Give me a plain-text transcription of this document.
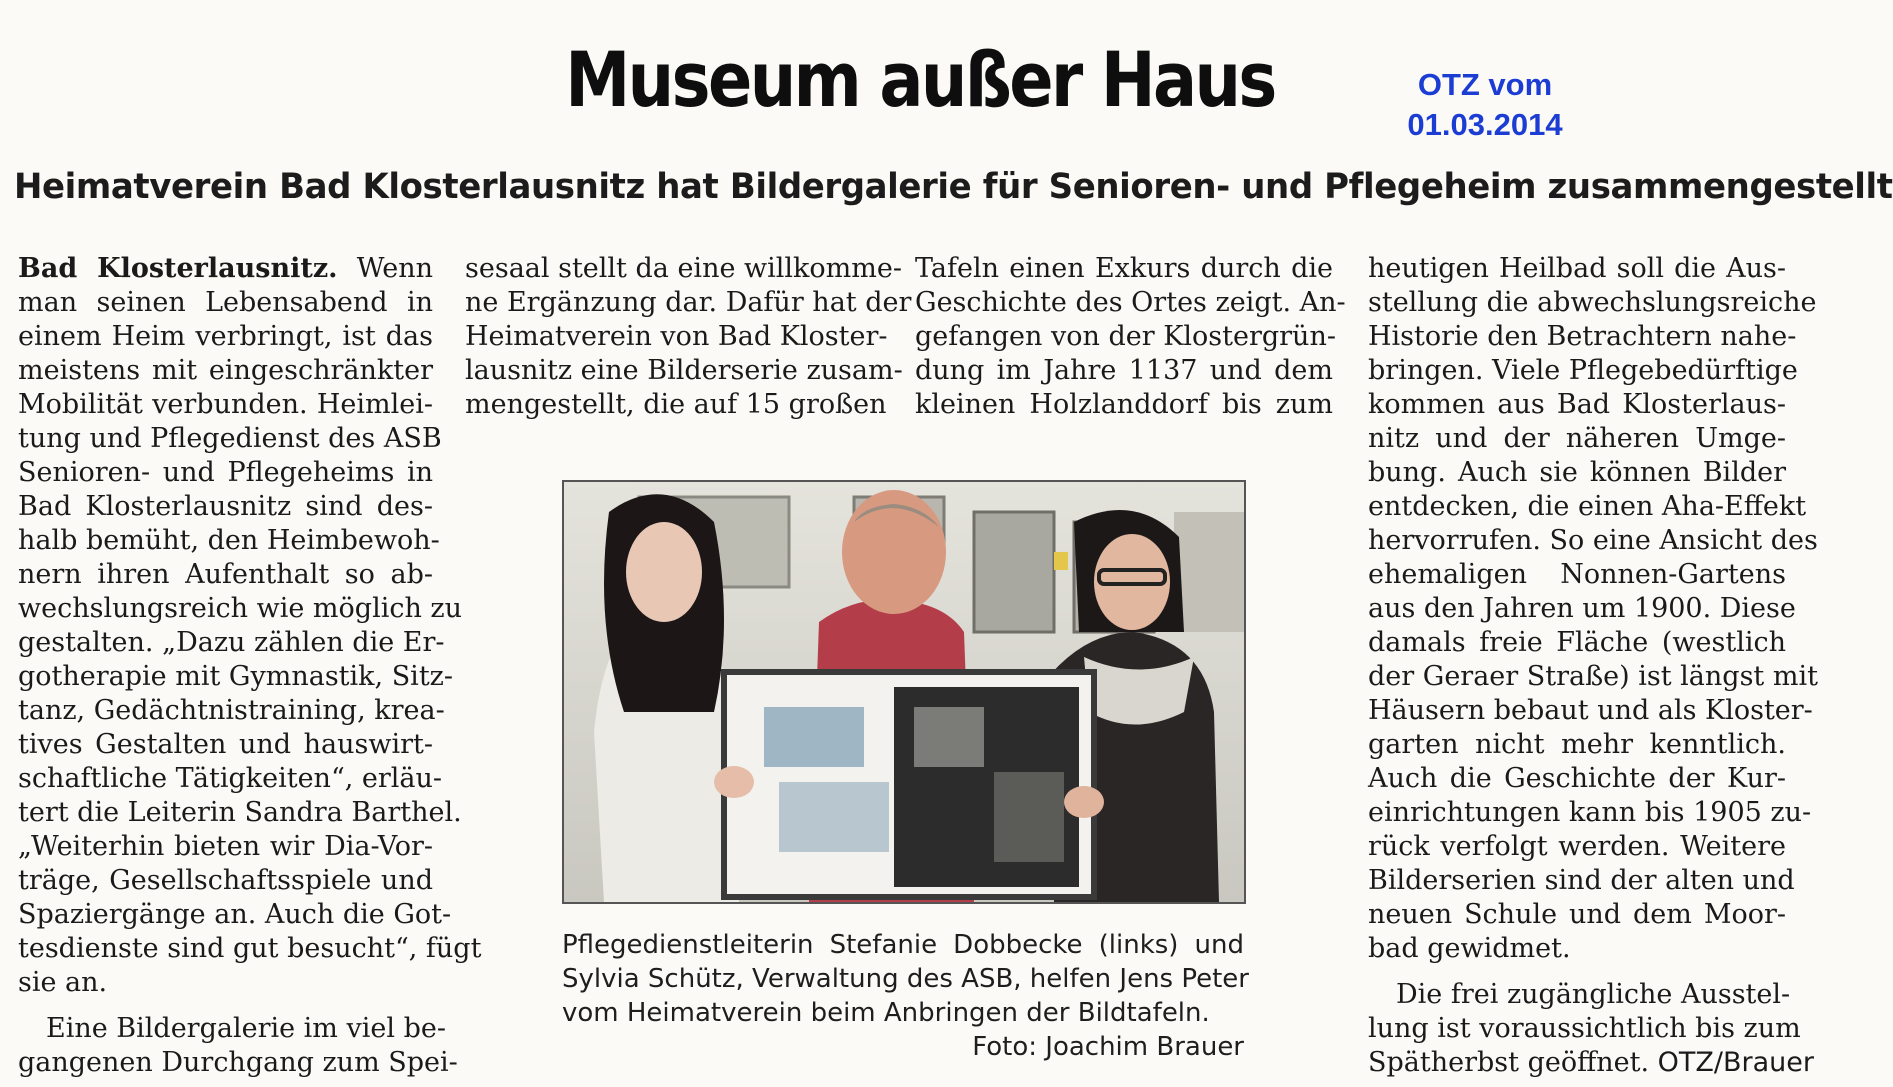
Museum außer Haus	OTZ vom
01.03.2014
Heimatverein Bad Klosterlausnitz hat Bildergalerie für Senioren- und Pflegeheim zusammengestellt
Bad Klosterlausnitz. Wenn
man seinen Lebensabend in
einem Heim verbringt, ist das
meistens mit eingeschränkter
Mobilität verbunden. Heimlei-
tung und Pflegedienst des ASB
Senioren- und Pflegeheims in
Bad Klosterlausnitz sind des-
halb bemüht, den Heimbewoh-
nern ihren Aufenthalt so ab-
wechslungsreich wie möglich zu
gestalten. „Dazu zählen die Er-
gotherapie mit Gymnastik, Sitz-
tanz, Gedächtnistraining, krea-
tives Gestalten und hauswirt-
schaftliche Tätigkeiten“, erläu-
tert die Leiterin Sandra Barthel.
„Weiterhin bieten wir Dia-Vor-
träge, Gesellschaftsspiele und
Spaziergänge an. Auch die Got-
tesdienste sind gut besucht“, fügt
sie an.
Eine Bildergalerie im viel be-
gangenen Durchgang zum Spei-
sesaal stellt da eine willkomme-
ne Ergänzung dar. Dafür hat der
Heimatverein von Bad Kloster-
lausnitz eine Bilderserie zusam-
mengestellt, die auf 15 großen
Tafeln einen Exkurs durch die
Geschichte des Ortes zeigt. An-
gefangen von der Klostergrün-
dung im Jahre 1137 und dem
kleinen Holzlanddorf bis zum
heutigen Heilbad soll die Aus-
stellung die abwechslungsreiche
Historie den Betrachtern nahe-
bringen. Viele Pflegebedürftige
kommen aus Bad Klosterlaus-
nitz und der näheren Umge-
bung. Auch sie können Bilder
entdecken, die einen Aha-Effekt
hervorrufen. So eine Ansicht des
ehemaligen Nonnen-Gartens
aus den Jahren um 1900. Diese
damals freie Fläche (westlich
der Geraer Straße) ist längst mit
Häusern bebaut und als Kloster-
garten nicht mehr kenntlich.
Auch die Geschichte der Kur-
einrichtungen kann bis 1905 zu-
rück verfolgt werden. Weitere
Bilderserien sind der alten und
neuen Schule und dem Moor-
bad gewidmet.
Die frei zugängliche Ausstel-
lung ist voraussichtlich bis zum
Spätherbst geöffnet. OTZ/Brauer
Pflegedienstleiterin Stefanie Dobbecke (links) und
Sylvia Schütz, Verwaltung des ASB, helfen Jens Peter
vom Heimatverein beim Anbringen der Bildtafeln.
Foto: Joachim Brauer
